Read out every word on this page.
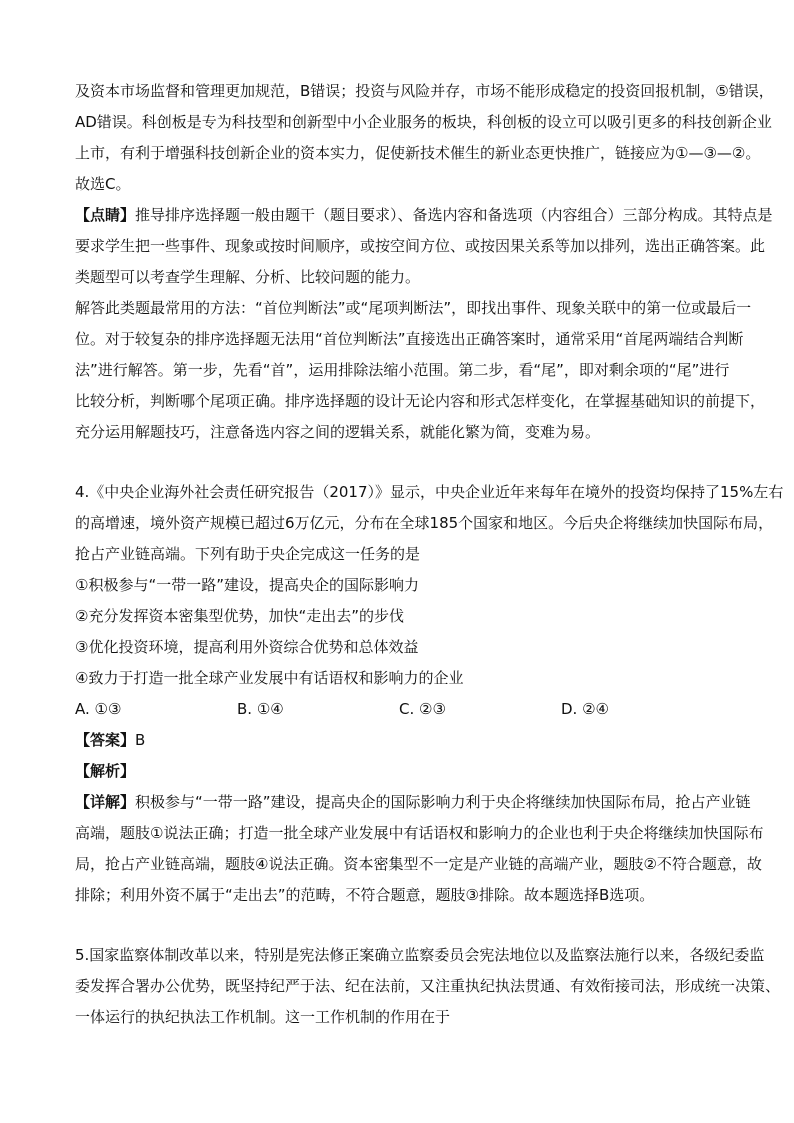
及资本市场监督和管理更加规范，B错误；投资与风险并存，市场不能形成稳定的投资回报机制，⑤错误，
AD错误。科创板是专为科技型和创新型中小企业服务的板块，科创板的设立可以吸引更多的科技创新企业
上市，有利于增强科技创新企业的资本实力，促使新技术催生的新业态更快推广，链接应为①—③—②。
故选C。
【点睛】推导排序选择题一般由题干（题目要求）、备选内容和备选项（内容组合）三部分构成。其特点是
要求学生把一些事件、现象或按时间顺序，或按空间方位、或按因果关系等加以排列，选出正确答案。此
类题型可以考查学生理解、分析、比较问题的能力。
解答此类题最常用的方法：“首位判断法”或“尾项判断法”，即找出事件、现象关联中的第一位或最后一
位。对于较复杂的排序选择题无法用“首位判断法”直接选出正确答案时，通常采用“首尾两端结合判断
法”进行解答。第一步，先看“首”，运用排除法缩小范围。第二步，看“尾”，即对剩余项的“尾”进行
比较分析，判断哪个尾项正确。排序选择题的设计无论内容和形式怎样变化，在掌握基础知识的前提下，
充分运用解题技巧，注意备选内容之间的逻辑关系，就能化繁为简，变难为易。
4.《中央企业海外社会责任研究报告（2017）》显示，中央企业近年来每年在境外的投资均保持了15%左右
的高增速，境外资产规模已超过6万亿元，分布在全球185个国家和地区。今后央企将继续加快国际布局，
抢占产业链高端。下列有助于央企完成这一任务的是
①积极参与“一带一路”建设，提高央企的国际影响力
②充分发挥资本密集型优势，加快“走出去”的步伐
③优化投资环境，提高利用外资综合优势和总体效益
④致力于打造一批全球产业发展中有话语权和影响力的企业
A. ①③	B. ①④	C. ②③	D. ②④
【答案】B
【解析】
【详解】积极参与“一带一路”建设，提高央企的国际影响力利于央企将继续加快国际布局，抢占产业链
高端，题肢①说法正确；打造一批全球产业发展中有话语权和影响力的企业也利于央企将继续加快国际布
局，抢占产业链高端，题肢④说法正确。资本密集型不一定是产业链的高端产业，题肢②不符合题意，故
排除；利用外资不属于“走出去”的范畴，不符合题意，题肢③排除。故本题选择B选项。
5.国家监察体制改革以来，特别是宪法修正案确立监察委员会宪法地位以及监察法施行以来，各级纪委监
委发挥合署办公优势，既坚持纪严于法、纪在法前，又注重执纪执法贯通、有效衔接司法，形成统一决策、
一体运行的执纪执法工作机制。这一工作机制的作用在于
